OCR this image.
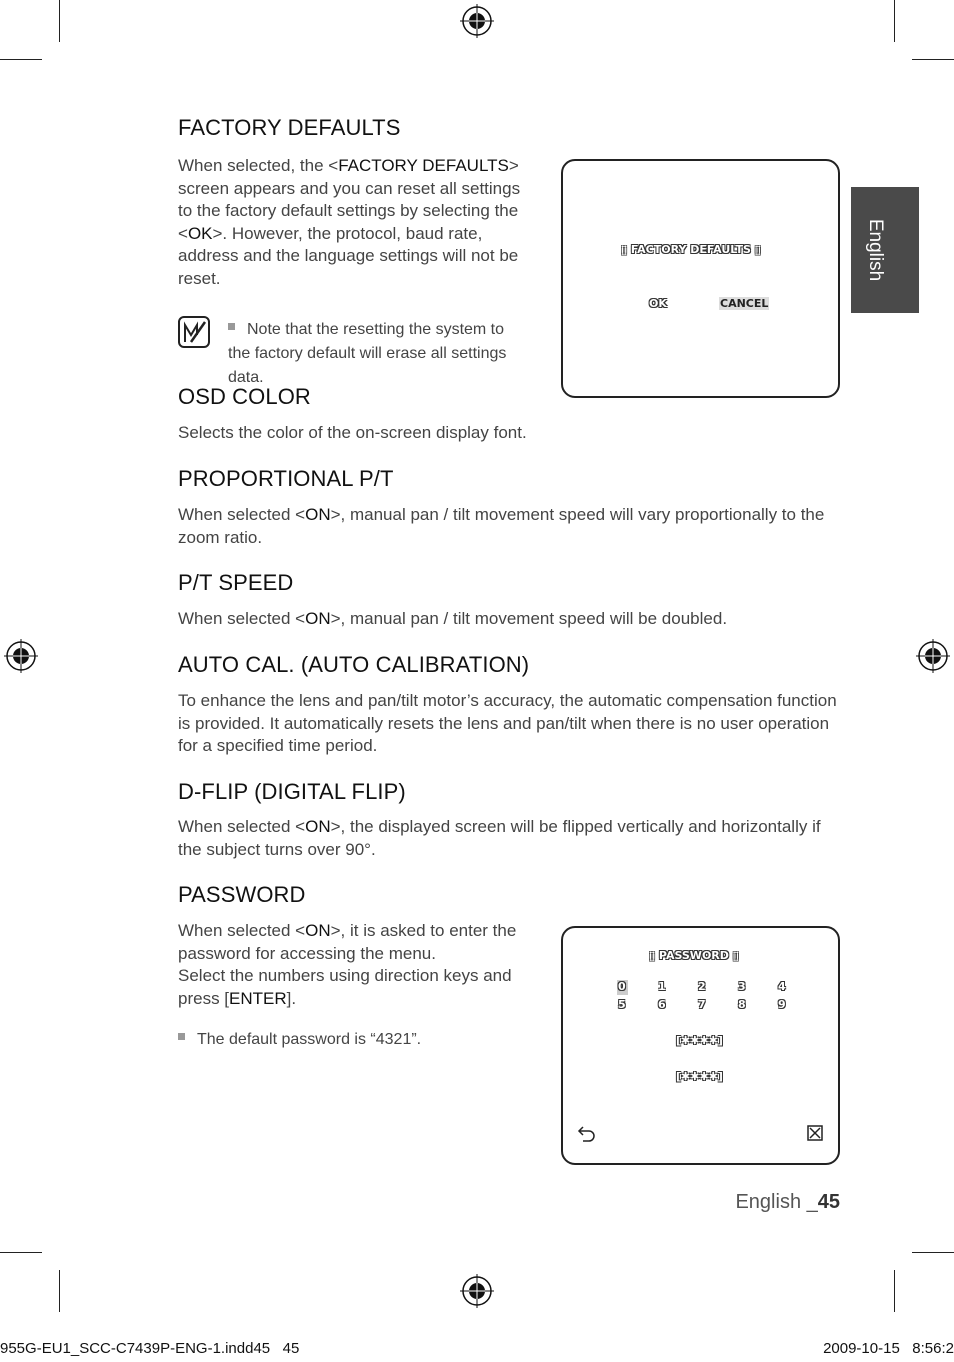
English
FACTORY DEFAULTS

When selected, the <FACTORY DEFAULTS> screen appears and you can reset all settings to the factory default settings by selecting the <OK>. However, the protocol, baud rate, address and the language settings will not be reset.

Note that the resetting the system to the factory default will erase all settings data.
▯ FACTORY DEFAULTS ▯
OK	CANCEL
OSD COLOR

Selects the color of the on-screen display font.

PROPORTIONAL P/T

When selected <ON>, manual pan / tilt movement speed will vary proportionally to the zoom ratio.

P/T SPEED

When selected <ON>, manual pan / tilt movement speed will be doubled.

AUTO CAL. (AUTO CALIBRATION)

To enhance the lens and pan/tilt motor’s accuracy, the automatic compensation function is provided. It automatically resets the lens and pan/tilt when there is no user operation for a specified time period.

D-FLIP (DIGITAL FLIP)

When selected <ON>, the displayed screen will be flipped vertically and horizontally if the subject turns over 90°.

PASSWORD

When selected <ON>, it is asked to enter the password for accessing the menu.
Select the numbers using direction keys and press [ENTER].

The default password is “4321”.
▯ PASSWORD ▯
0	1	2	3	4
5	6	7	8	9
[✱✱✱✱]
[✱✱✱✱]
English _45
955G-EU1_SCC-C7439P-ENG-1.indd45   45	2009-10-15   8:56:2
